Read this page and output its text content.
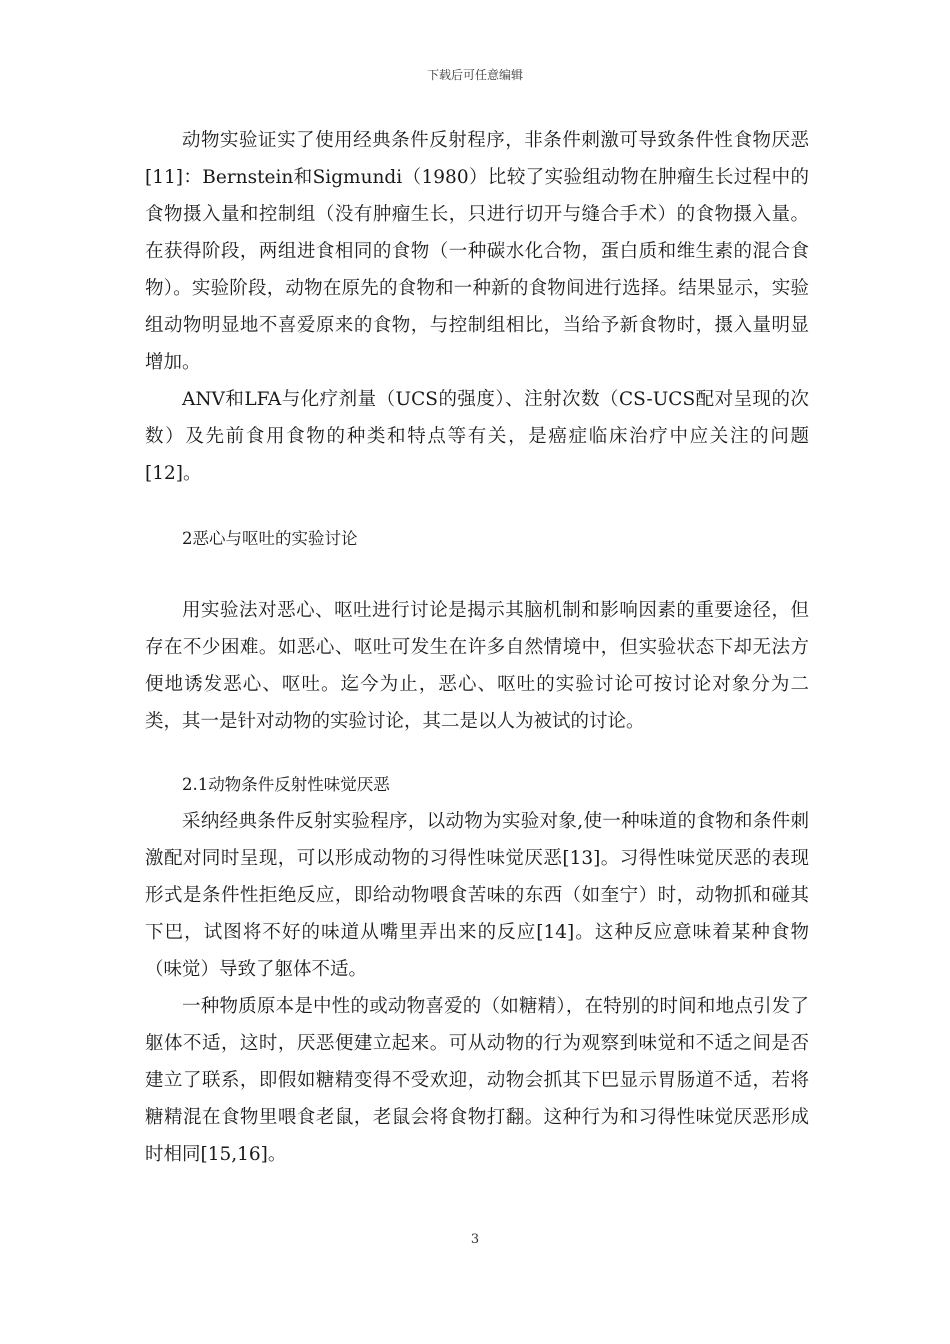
下载后可任意编辑

动物实验证实了使用经典条件反射程序，非条件刺激可导致条件性食物厌恶[11]：Bernstein和Sigmundi（1980）比较了实验组动物在肿瘤生长过程中的食物摄入量和控制组（没有肿瘤生长，只进行切开与缝合手术）的食物摄入量。在获得阶段，两组进食相同的食物（一种碳水化合物，蛋白质和维生素的混合食物）。实验阶段，动物在原先的食物和一种新的食物间进行选择。结果显示，实验组动物明显地不喜爱原来的食物，与控制组相比，当给予新食物时，摄入量明显增加。

ANV和LFA与化疗剂量（UCS的强度）、注射次数（CS-UCS配对呈现的次数）及先前食用食物的种类和特点等有关，是癌症临床治疗中应关注的问题[12]。

2恶心与呕吐的实验讨论

用实验法对恶心、呕吐进行讨论是揭示其脑机制和影响因素的重要途径，但存在不少困难。如恶心、呕吐可发生在许多自然情境中，但实验状态下却无法方便地诱发恶心、呕吐。迄今为止，恶心、呕吐的实验讨论可按讨论对象分为二类，其一是针对动物的实验讨论，其二是以人为被试的讨论。

2.1动物条件反射性味觉厌恶

采纳经典条件反射实验程序，以动物为实验对象,使一种味道的食物和条件刺激配对同时呈现，可以形成动物的习得性味觉厌恶[13]。习得性味觉厌恶的表现形式是条件性拒绝反应，即给动物喂食苦味的东西（如奎宁）时，动物抓和碰其下巴，试图将不好的味道从嘴里弄出来的反应[14]。这种反应意味着某种食物（味觉）导致了躯体不适。

一种物质原本是中性的或动物喜爱的（如糖精），在特别的时间和地点引发了躯体不适，这时，厌恶便建立起来。可从动物的行为观察到味觉和不适之间是否建立了联系，即假如糖精变得不受欢迎，动物会抓其下巴显示胃肠道不适，若将糖精混在食物里喂食老鼠，老鼠会将食物打翻。这种行为和习得性味觉厌恶形成时相同[15,16]。

3
